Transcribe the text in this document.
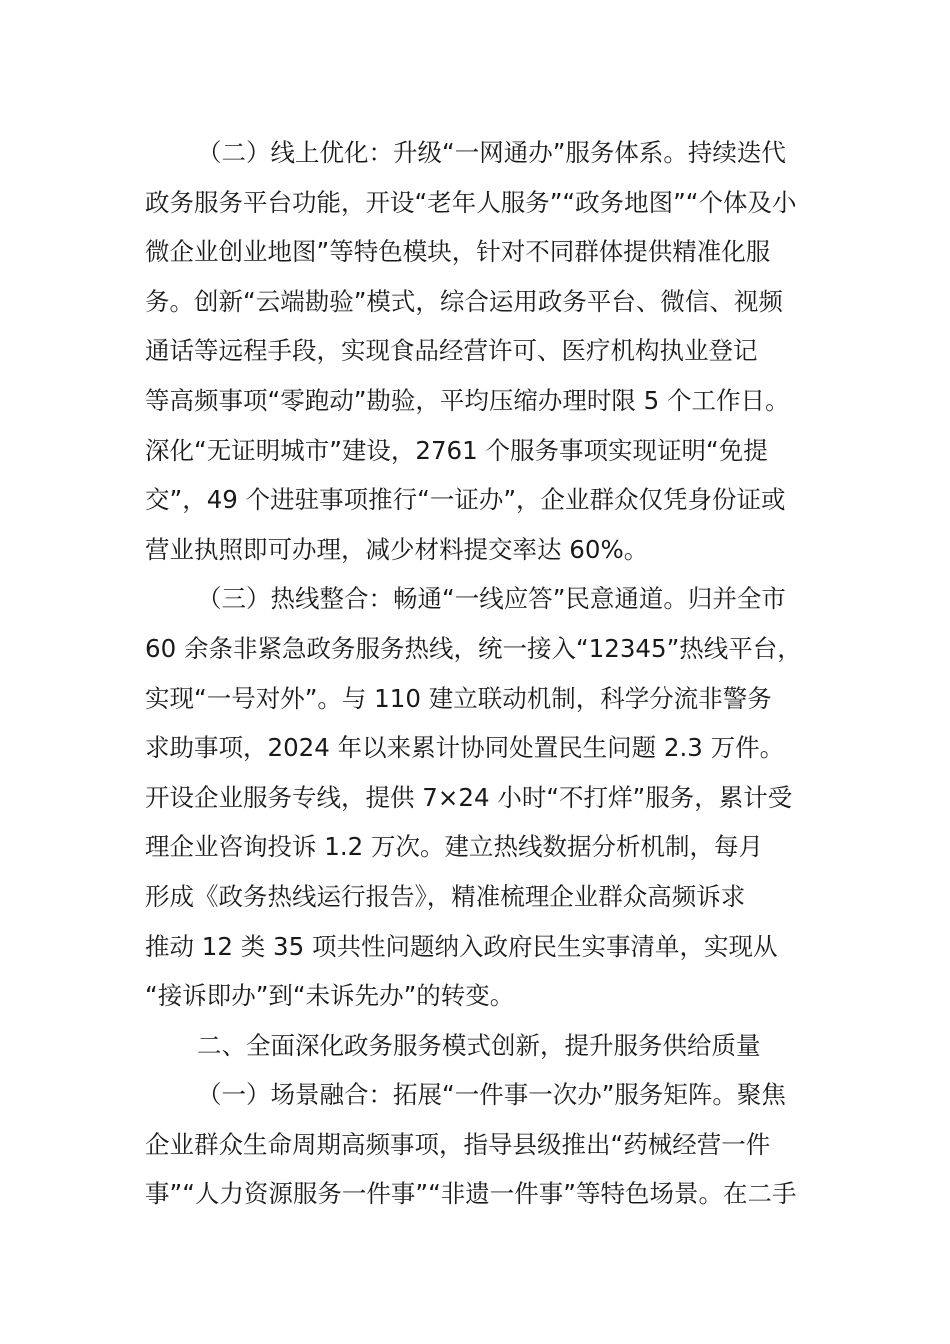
（二）线上优化：升级“一网通办”服务体系。持续迭代
政务服务平台功能，开设“老年人服务”“政务地图”“个体及小
微企业创业地图”等特色模块，针对不同群体提供精准化服
务。创新“云端勘验”模式，综合运用政务平台、微信、视频
通话等远程手段，实现食品经营许可、医疗机构执业登记
等高频事项“零跑动”勘验，平均压缩办理时限 5 个工作日。
深化“无证明城市”建设，2761 个服务事项实现证明“免提
交”，49 个进驻事项推行“一证办”，企业群众仅凭身份证或
营业执照即可办理，减少材料提交率达 60%。
（三）热线整合：畅通“一线应答”民意通道。归并全市
60 余条非紧急政务服务热线，统一接入“12345”热线平台，
实现“一号对外”。与 110 建立联动机制，科学分流非警务
求助事项，2024 年以来累计协同处置民生问题 2.3 万件。
开设企业服务专线，提供 7×24 小时“不打烊”服务，累计受
理企业咨询投诉 1.2 万次。建立热线数据分析机制，每月
形成《政务热线运行报告》，精准梳理企业群众高频诉求
推动 12 类 35 项共性问题纳入政府民生实事清单，实现从
“接诉即办”到“未诉先办”的转变。
二、全面深化政务服务模式创新，提升服务供给质量
（一）场景融合：拓展“一件事一次办”服务矩阵。聚焦
企业群众生命周期高频事项，指导县级推出“药械经营一件
事”“人力资源服务一件事”“非遗一件事”等特色场景。在二手
